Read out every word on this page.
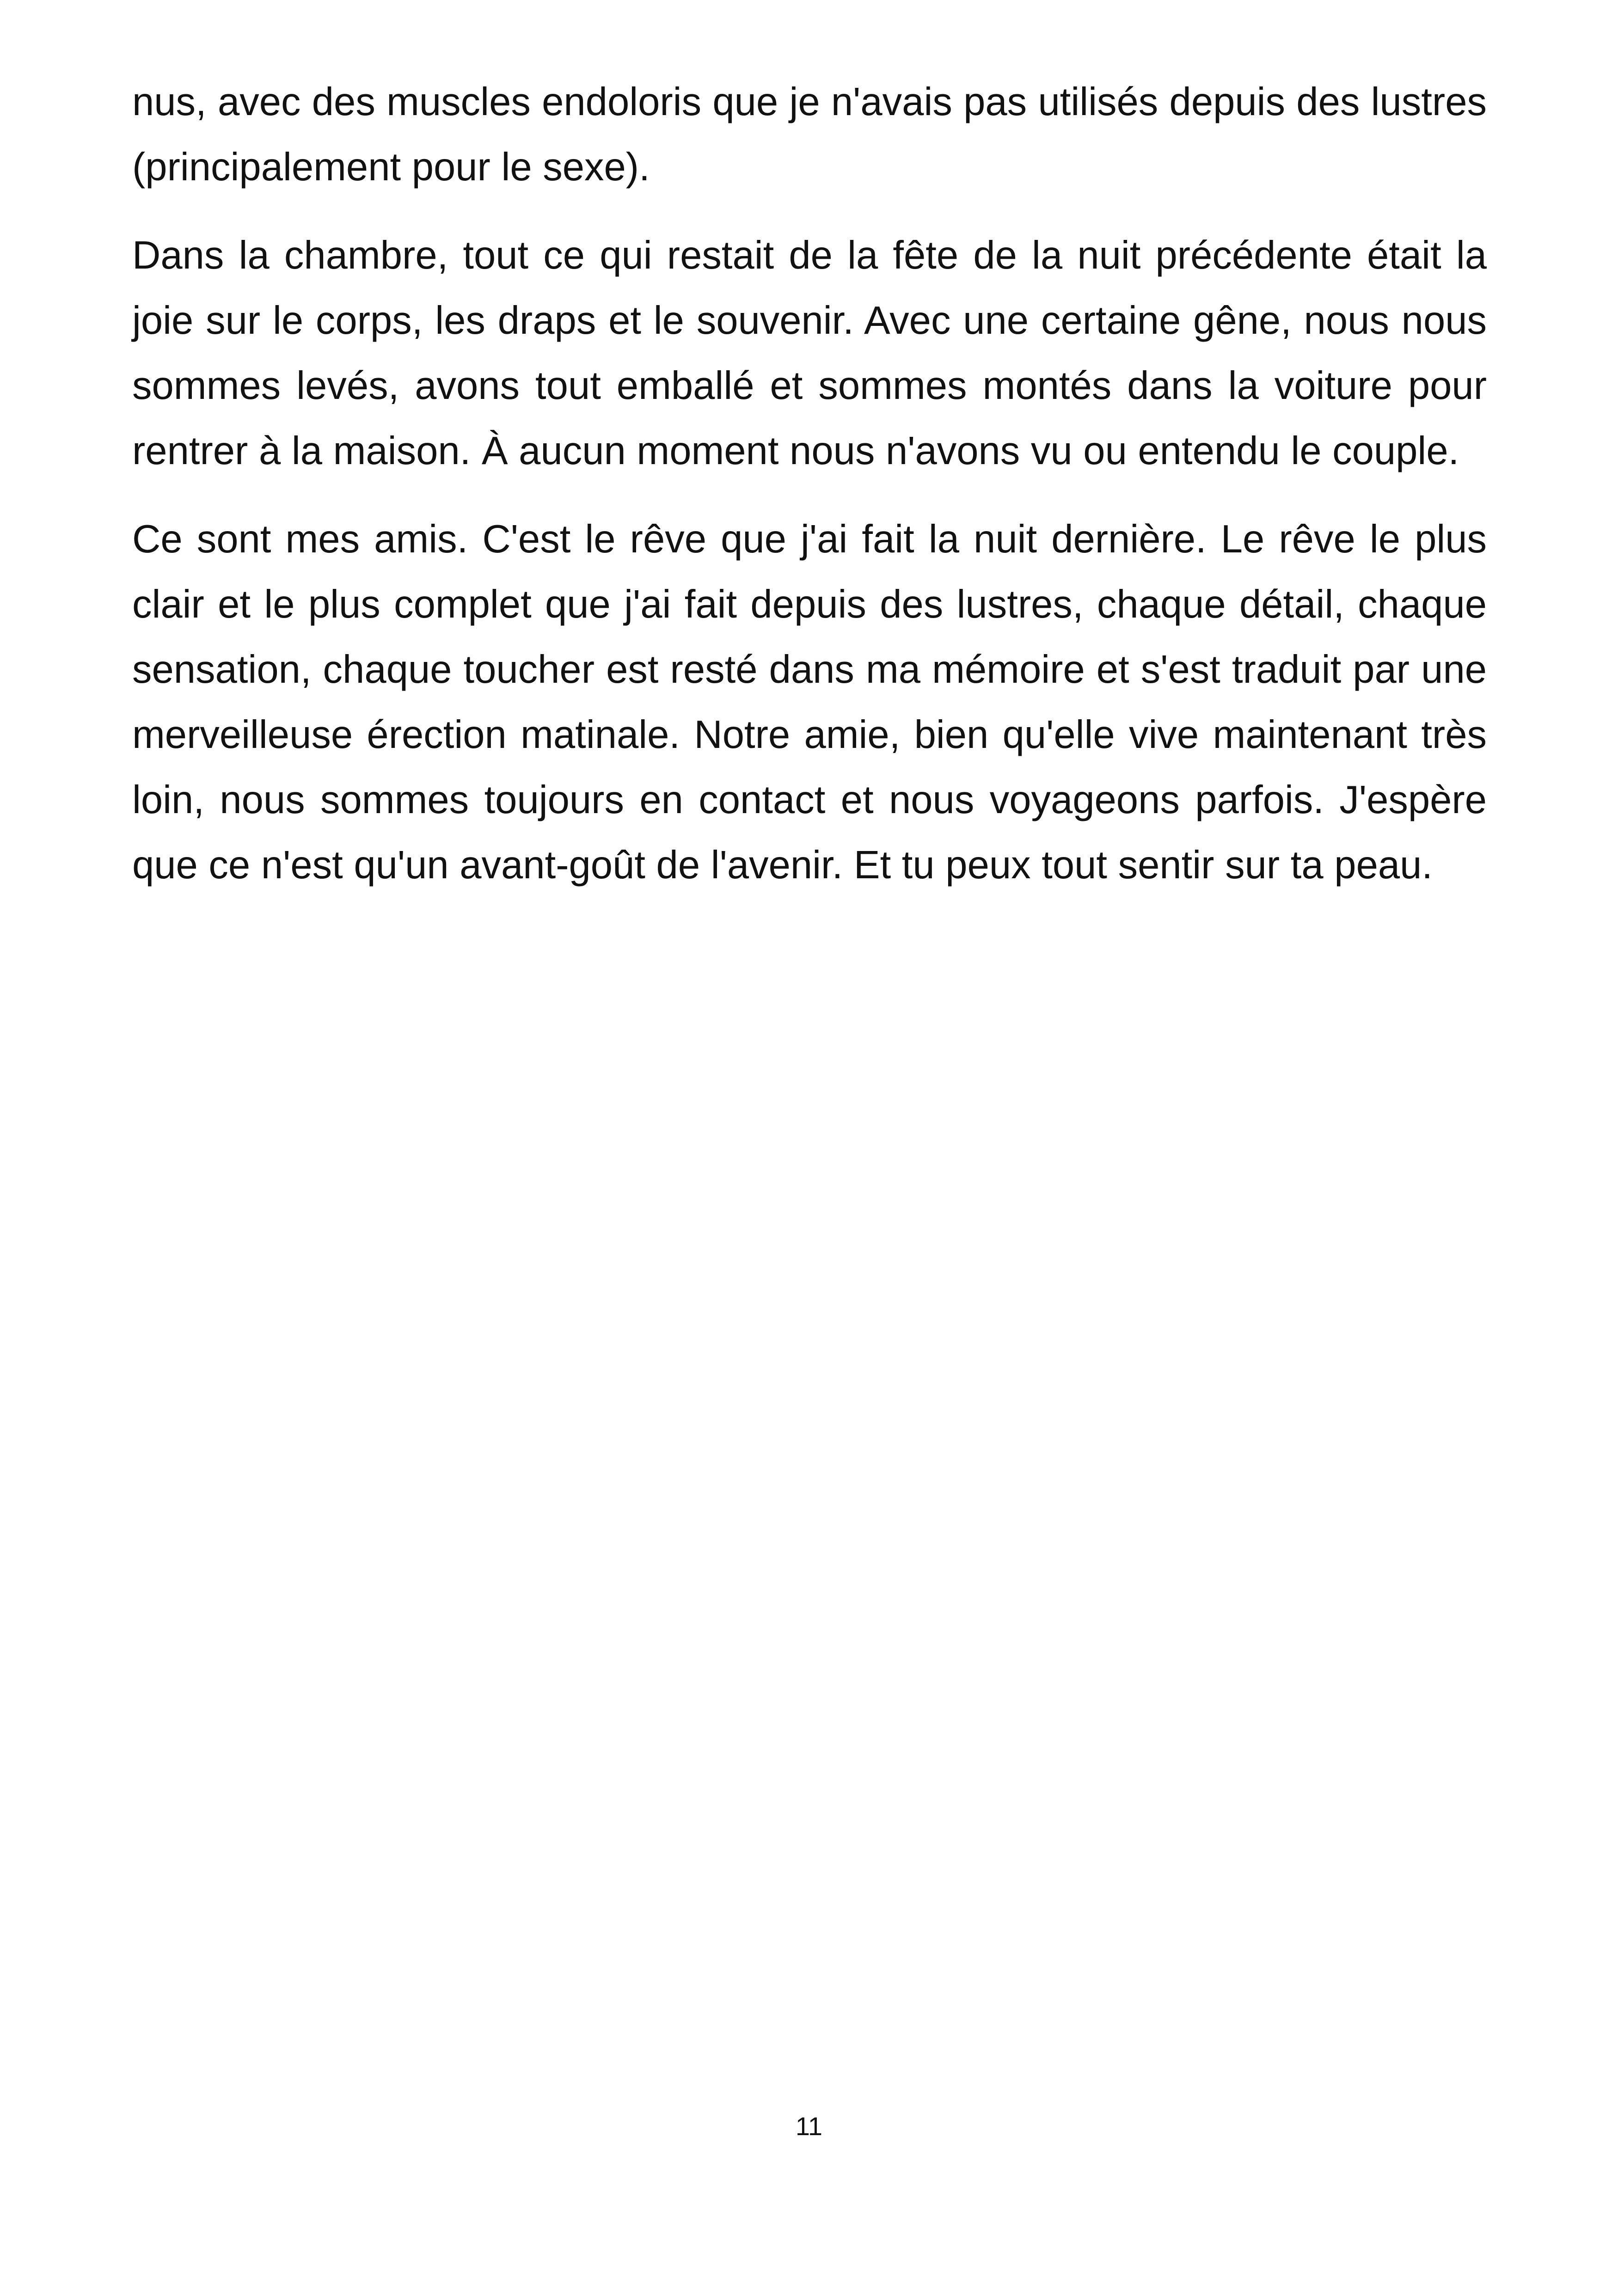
nus, avec des muscles endoloris que je n'avais pas utilisés depuis des lustres (principalement pour le sexe).

Dans la chambre, tout ce qui restait de la fête de la nuit précédente était la joie sur le corps, les draps et le souvenir. Avec une certaine gêne, nous nous sommes levés, avons tout emballé et sommes montés dans la voiture pour rentrer à la maison. À aucun moment nous n'avons vu ou entendu le couple.

Ce sont mes amis. C'est le rêve que j'ai fait la nuit dernière. Le rêve le plus clair et le plus complet que j'ai fait depuis des lustres, chaque détail, chaque sensation, chaque toucher est resté dans ma mémoire et s'est traduit par une merveilleuse érection matinale. Notre amie, bien qu'elle vive maintenant très loin, nous sommes toujours en contact et nous voyageons parfois. J'espère que ce n'est qu'un avant-goût de l'avenir. Et tu peux tout sentir sur ta peau.

11
